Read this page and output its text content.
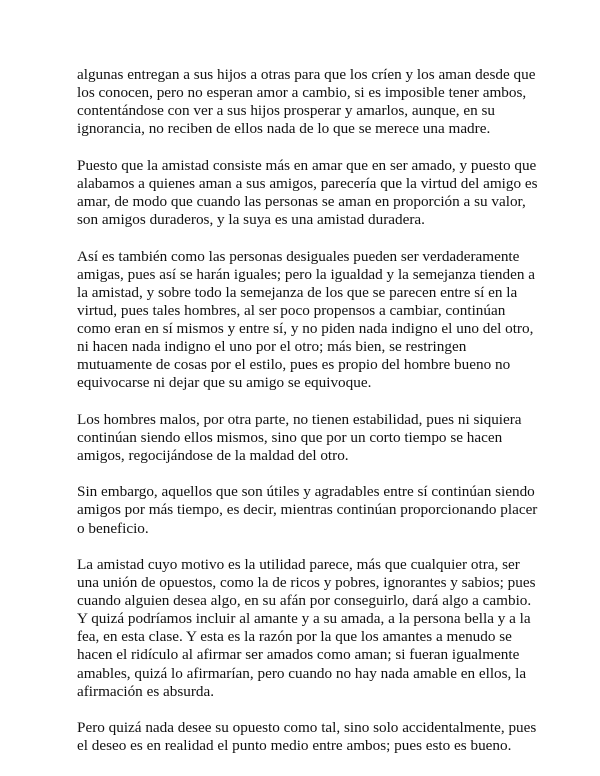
algunas entregan a sus hijos a otras para que los críen y los aman desde que
los conocen, pero no esperan amor a cambio, si es imposible tener ambos,
contentándose con ver a sus hijos prosperar y amarlos, aunque, en su
ignorancia, no reciben de ellos nada de lo que se merece una madre.

Puesto que la amistad consiste más en amar que en ser amado, y puesto que
alabamos a quienes aman a sus amigos, parecería que la virtud del amigo es
amar, de modo que cuando las personas se aman en proporción a su valor,
son amigos duraderos, y la suya es una amistad duradera.

Así es también como las personas desiguales pueden ser verdaderamente
amigas, pues así se harán iguales; pero la igualdad y la semejanza tienden a
la amistad, y sobre todo la semejanza de los que se parecen entre sí en la
virtud, pues tales hombres, al ser poco propensos a cambiar, continúan
como eran en sí mismos y entre sí, y no piden nada indigno el uno del otro,
ni hacen nada indigno el uno por el otro; más bien, se restringen
mutuamente de cosas por el estilo, pues es propio del hombre bueno no
equivocarse ni dejar que su amigo se equivoque.

Los hombres malos, por otra parte, no tienen estabilidad, pues ni siquiera
continúan siendo ellos mismos, sino que por un corto tiempo se hacen
amigos, regocijándose de la maldad del otro.

Sin embargo, aquellos que son útiles y agradables entre sí continúan siendo
amigos por más tiempo, es decir, mientras continúan proporcionando placer
o beneficio.

La amistad cuyo motivo es la utilidad parece, más que cualquier otra, ser
una unión de opuestos, como la de ricos y pobres, ignorantes y sabios; pues
cuando alguien desea algo, en su afán por conseguirlo, dará algo a cambio.
Y quizá podríamos incluir al amante y a su amada, a la persona bella y a la
fea, en esta clase. Y esta es la razón por la que los amantes a menudo se
hacen el ridículo al afirmar ser amados como aman; si fueran igualmente
amables, quizá lo afirmarían, pero cuando no hay nada amable en ellos, la
afirmación es absurda.

Pero quizá nada desee su opuesto como tal, sino solo accidentalmente, pues
el deseo es en realidad el punto medio entre ambos; pues esto es bueno.
